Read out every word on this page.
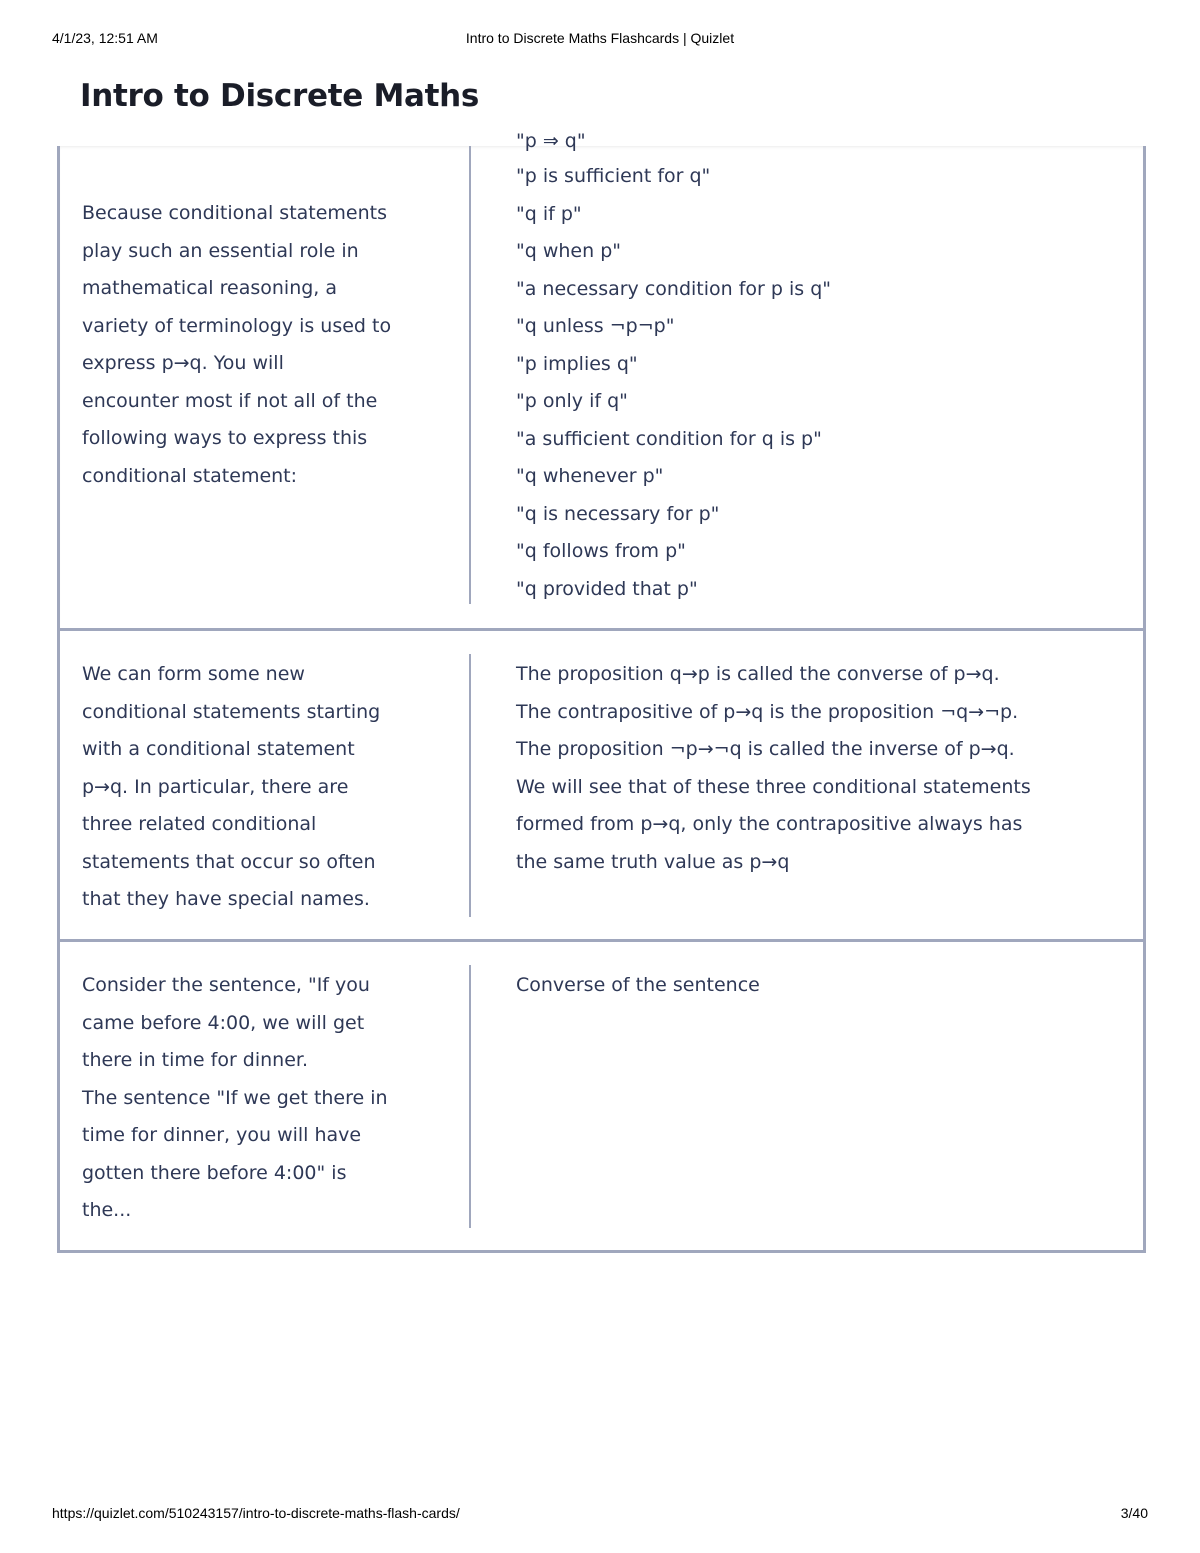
4/1/23, 12:51 AM	Intro to Discrete Maths Flashcards | Quizlet
Intro to Discrete Maths
"p ⇒ q"
Because conditional statements
play such an essential role in
mathematical reasoning, a
variety of terminology is used to
express p→q. You will
encounter most if not all of the
following ways to express this
conditional statement:
"p is sufficient for q"
"q if p"
"q when p"
"a necessary condition for p is q"
"q unless ¬p¬p"
"p implies q"
"p only if q"
"a sufficient condition for q is p"
"q whenever p"
"q is necessary for p"
"q follows from p"
"q provided that p"
We can form some new
conditional statements starting
with a conditional statement
p→q. In particular, there are
three related conditional
statements that occur so often
that they have special names.
The proposition q→p is called the converse of p→q.
The contrapositive of p→q is the proposition ¬q→¬p.
The proposition ¬p→¬q is called the inverse of p→q.
We will see that of these three conditional statements
formed from p→q, only the contrapositive always has
the same truth value as p→q
Consider the sentence, "If you
came before 4:00, we will get
there in time for dinner.
The sentence "If we get there in
time for dinner, you will have
gotten there before 4:00" is
the...
Converse of the sentence
https://quizlet.com/510243157/intro-to-discrete-maths-flash-cards/	3/40
